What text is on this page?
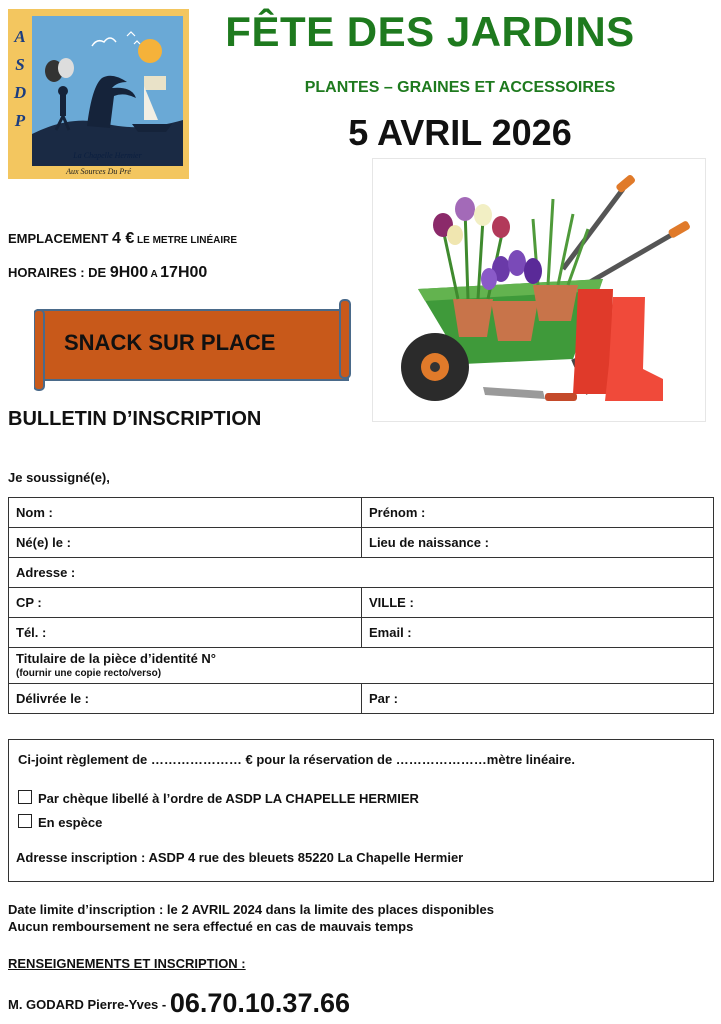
A
S
D
P
La Chapelle Hermier
Aux Sources Du Pré
FÊTE DES JARDINS
PLANTES – GRAINES ET ACCESSOIRES
5 AVRIL 2026
EMPLACEMENT 4 € LE METRE LINÉAIRE
HORAIRES : DE 9H00 A 17H00
SNACK SUR PLACE
BULLETIN D’INSCRIPTION
Je soussigné(e),
Nom :	Prénom :
Né(e) le :	Lieu de naissance :
Adresse :	
CP :	VILLE :
Tél. :	Email :
Titulaire de la pièce d’identité N°
(fournir une copie recto/verso)	

Délivrée le :	Par :
Ci-joint règlement de ………………… € pour la réservation de …………………mètre linéaire.
Par chèque libellé à l’ordre de ASDP LA CHAPELLE HERMIER
En espèce
Adresse inscription : ASDP 4 rue des bleuets 85220 La Chapelle Hermier
Date limite d’inscription : le 2 AVRIL 2024 dans la limite des places disponibles
Aucun remboursement ne sera effectué en cas de mauvais temps
RENSEIGNEMENTS ET INSCRIPTION :
M. GODARD Pierre-Yves - 06.70.10.37.66
